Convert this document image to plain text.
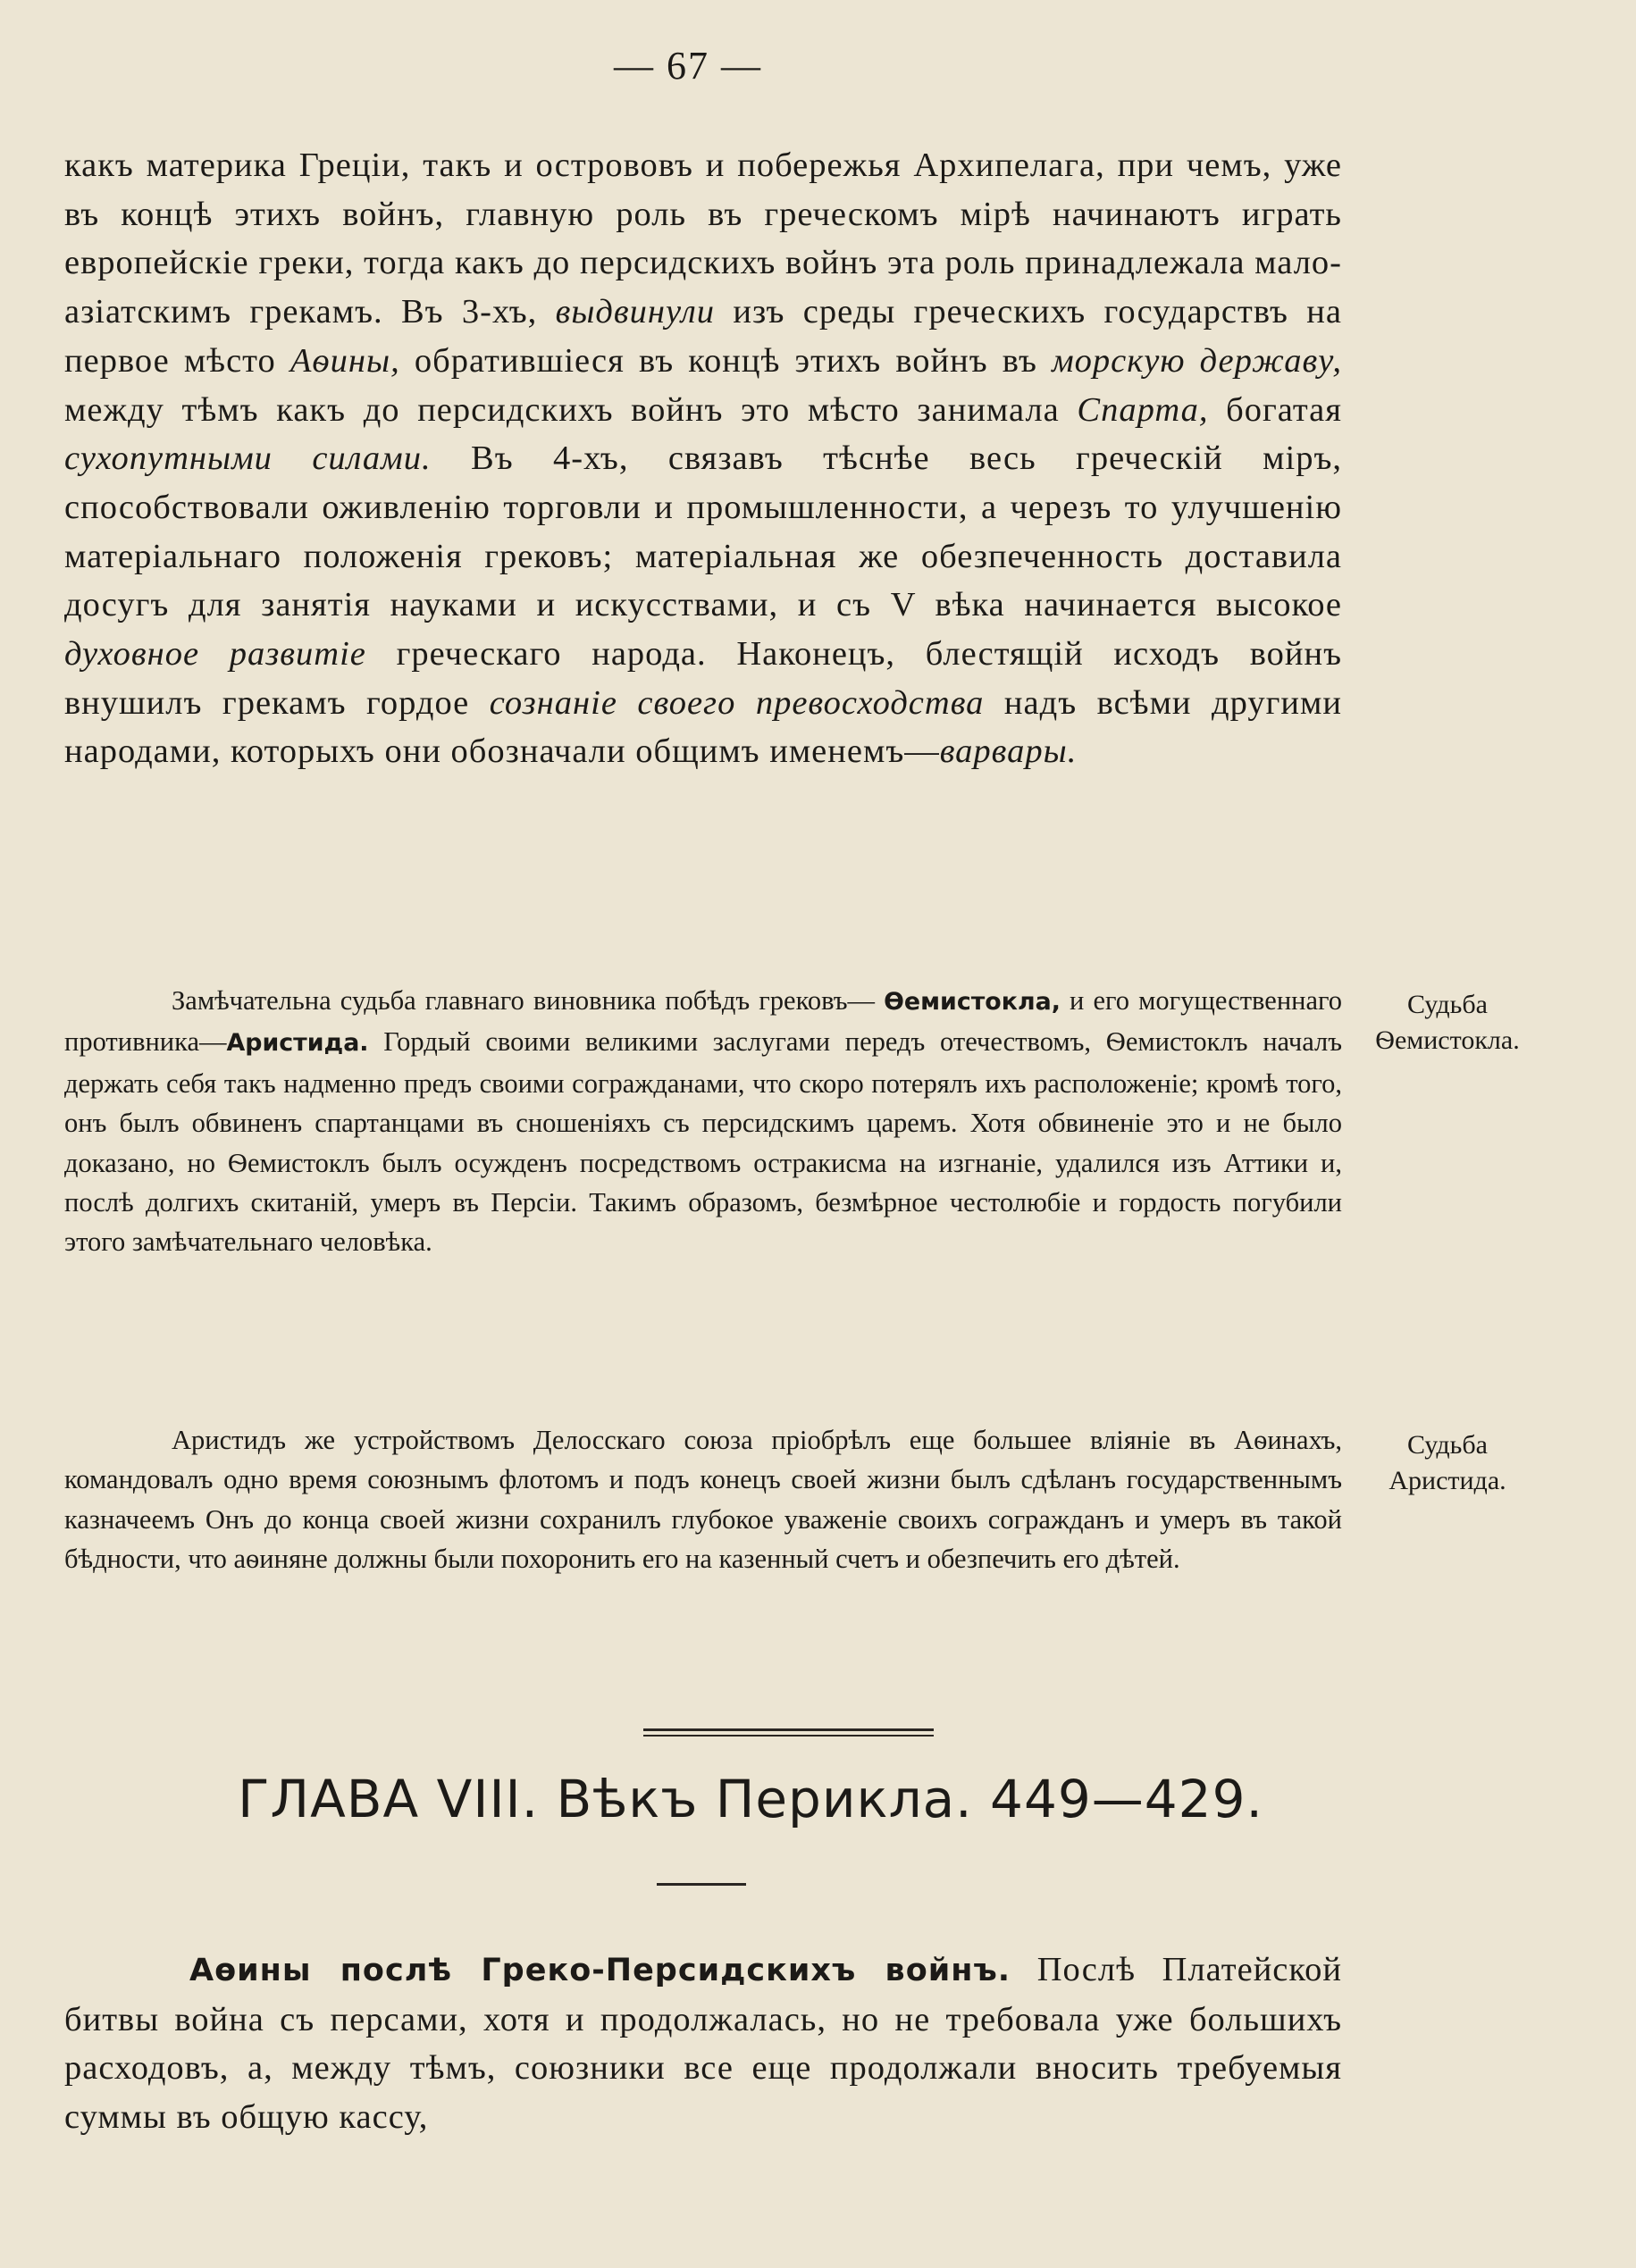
— 67 —

какъ материка Греціи, такъ и острововъ и побережья Архипелага, при чемъ, уже въ концѣ этихъ войнъ, главную роль въ греческомъ мірѣ начинаютъ играть европейскіе греки, тогда какъ до персидскихъ войнъ эта роль принадлежала мало-азіатскимъ грекамъ. Въ 3-хъ, выдвинули изъ среды греческихъ государствъ на первое мѣсто Аѳины, обратившіеся въ концѣ этихъ войнъ въ морскую державу, между тѣмъ какъ до персидскихъ войнъ это мѣсто занимала Спарта, богатая сухопутными силами. Въ 4-хъ, связавъ тѣснѣе весь греческій міръ, способствовали оживленію торговли и промышленности, а черезъ то улучшенію матеріальнаго положенія грековъ; матеріальная же обезпеченность доставила досугъ для занятія науками и искусствами, и съ V вѣка начинается высокое духовное развитіе греческаго народа. Наконецъ, блестящій исходъ войнъ внушилъ грекамъ гордое сознаніе своего превосходства надъ всѣми другими народами, которыхъ они обозначали общимъ именемъ—варвары.

Замѣчательна судьба главнаго виновника побѣдъ грековъ— Ѳемистокла, и его могущественнаго противника—Аристида. Гордый своими великими заслугами передъ отечествомъ, Ѳемистоклъ началъ держать себя такъ надменно предъ своими согражданами, что скоро потерялъ ихъ расположеніе; кромѣ того, онъ былъ обвиненъ спартанцами въ сношеніяхъ съ персидскимъ царемъ. Хотя обвиненіе это и не было доказано, но Ѳемистоклъ былъ осужденъ посредствомъ остракисма на изгнаніе, удалился изъ Аттики и, послѣ долгихъ скитаній, умеръ въ Персіи. Такимъ образомъ, безмѣрное честолюбіе и гордость погубили этого замѣчательнаго человѣка.

Судьба
Ѳемистокла.

Аристидъ же устройствомъ Делосскаго союза пріобрѣлъ еще большее вліяніе въ Аѳинахъ, командовалъ одно время союзнымъ флотомъ и подъ конецъ своей жизни былъ сдѣланъ государственнымъ казначеемъ Онъ до конца своей жизни сохранилъ глубокое уваженіе своихъ согражданъ и умеръ въ такой бѣдности, что аѳиняне должны были похоронить его на казенный счетъ и обезпечить его дѣтей.

Судьба
Аристида.
ГЛАВА VIII. Вѣкъ Перикла. 449—429.

Аѳины послѣ Греко-Персидскихъ войнъ. Послѣ Платейской битвы война съ персами, хотя и продолжалась, но не требовала уже большихъ расходовъ, а, между тѣмъ, союзники все еще продолжали вносить требуемыя суммы въ общую кассу,
